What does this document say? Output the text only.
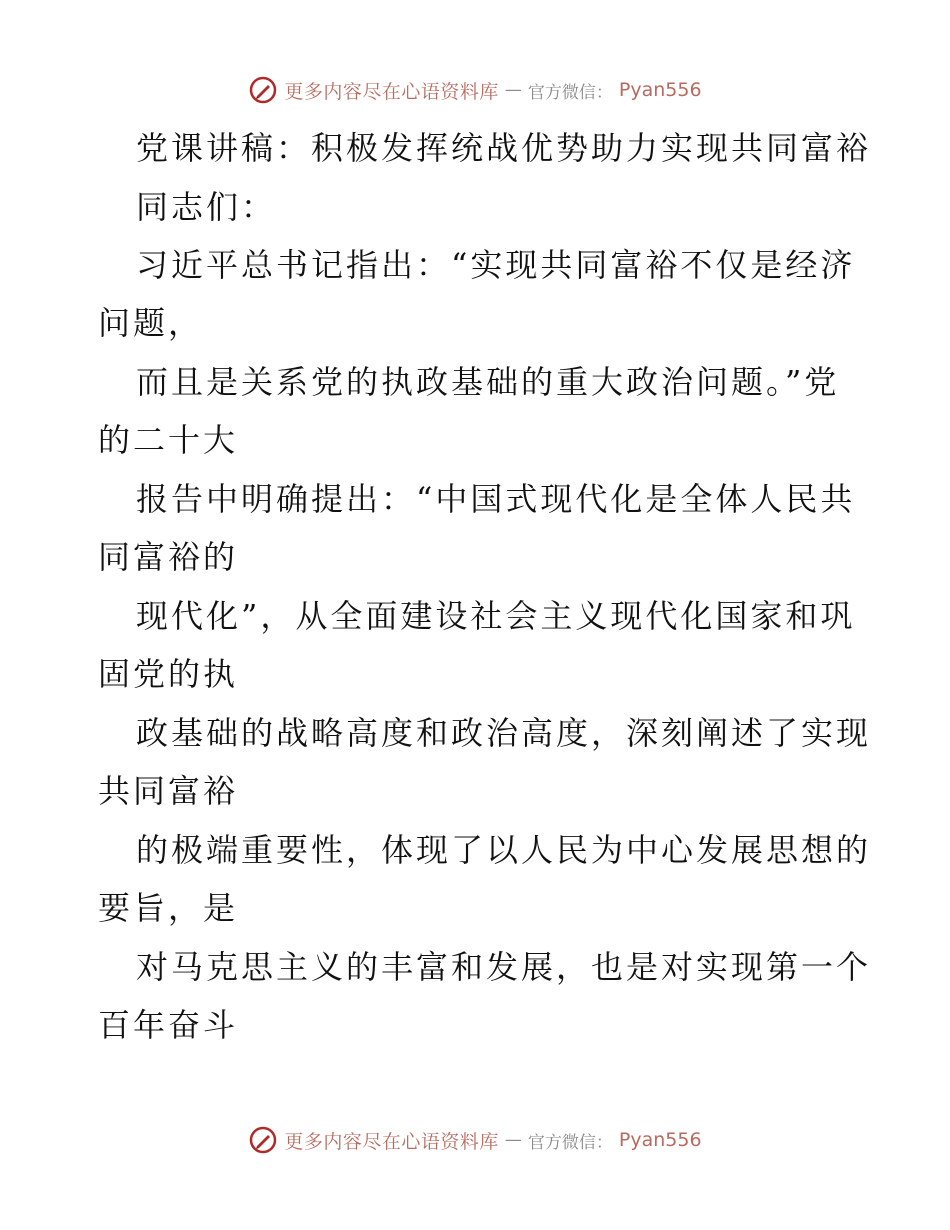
更多内容尽在心语资料库 — 官方微信： Pyan556
党课讲稿：积极发挥统战优势助力实现共同富裕
同志们：
习近平总书记指出：“实现共同富裕不仅是经济
问题，
而且是关系党的执政基础的重大政治问题。”党
的二十大
报告中明确提出：“中国式现代化是全体人民共
同富裕的
现代化”，从全面建设社会主义现代化国家和巩
固党的执
政基础的战略高度和政治高度，深刻阐述了实现
共同富裕
的极端重要性，体现了以人民为中心发展思想的
要旨，是
对马克思主义的丰富和发展，也是对实现第一个
百年奋斗
更多内容尽在心语资料库 — 官方微信： Pyan556
